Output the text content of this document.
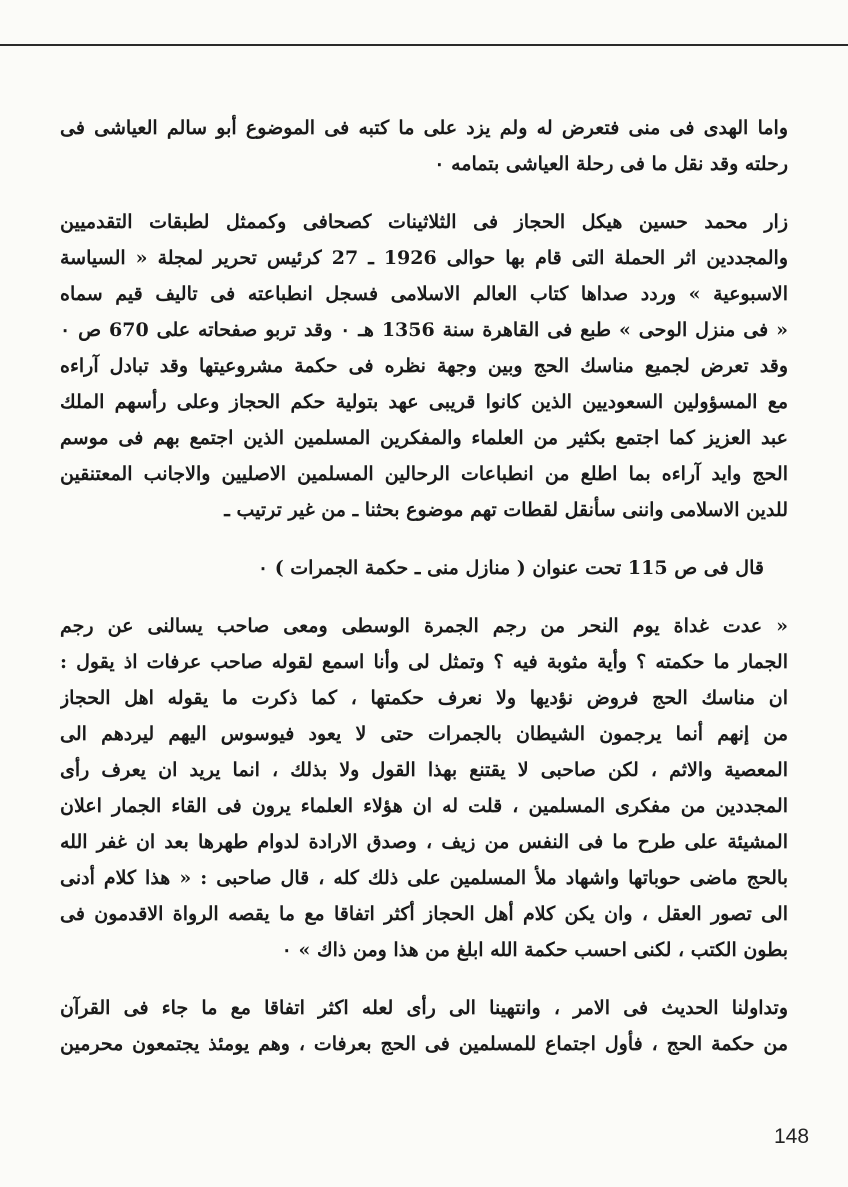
واما الهدى فى منى فتعرض له ولم يزد على ما كتبه فى الموضوع أبو سالم العياشى فى
رحلته وقد نقل ما فى رحلة العياشى بتمامه ٠
زار محمد حسين هيكل الحجاز فى الثلاثينات كصحافى وكممثل لطبقات التقدميين
والمجددين اثر الحملة التى قام بها حوالى 1926 ـ 27 كرئيس تحرير لمجلة « السياسة
الاسبوعية » وردد صداها كتاب العالم الاسلامى فسجل انطباعته فى تاليف قيم سماه
« فى منزل الوحى » طبع فى القاهرة سنة 1356 هـ ٠ وقد تربو صفحاته على 670 ص ٠
وقد تعرض لجميع مناسك الحج وبين وجهة نظره فى حكمة مشروعيتها وقد تبادل آراءه
مع المسؤولين السعوديين الذين كانوا قريبى عهد بتولية حكم الحجاز وعلى رأسهم الملك
عبد العزيز كما اجتمع بكثير من العلماء والمفكرين المسلمين الذين اجتمع بهم فى موسم
الحج وايد آراءه بما اطلع من انطباعات الرحالين المسلمين الاصليين والاجانب المعتنقين
للدين الاسلامى واننى سأنقل لقطات تهم موضوع بحثنا ـ من غير ترتيب ـ
قال فى ص 115 تحت عنوان ( منازل منى ـ حكمة الجمرات ) ٠
« عدت غداة يوم النحر من رجم الجمرة الوسطى ومعى صاحب يسالنى عن رجم
الجمار ما حكمته ؟ وأية مثوبة فيه ؟ وتمثل لى وأنا اسمع لقوله صاحب عرفات اذ يقول :
ان مناسك الحج فروض نؤديها ولا نعرف حكمتها ، كما ذكرت ما يقوله اهل الحجاز
من إنهم أنما يرجمون الشيطان بالجمرات حتى لا يعود فيوسوس اليهم ليردهم الى
المعصية والاثم ، لكن صاحبى لا يقتنع بهذا القول ولا بذلك ، انما يريد ان يعرف رأى
المجددين من مفكرى المسلمين ، قلت له ان هؤلاء العلماء يرون فى القاء الجمار اعلان
المشيئة على طرح ما فى النفس من زيف ، وصدق الارادة لدوام طهرها بعد ان غفر الله
بالحج ماضى حوباتها واشهاد ملأ المسلمين على ذلك كله ، قال صاحبى : « هذا كلام أدنى
الى تصور العقل ، وان يكن كلام أهل الحجاز أكثر اتفاقا مع ما يقصه الرواة الاقدمون فى
بطون الكتب ، لكنى احسب حكمة الله ابلغ من هذا ومن ذاك » ٠
وتداولنا الحديث فى الامر ، وانتهينا الى رأى لعله اكثر اتفاقا مع ما جاء فى القرآن
من حكمة الحج ، فأول اجتماع للمسلمين فى الحج بعرفات ، وهم يومئذ يجتمعون محرمين
148
